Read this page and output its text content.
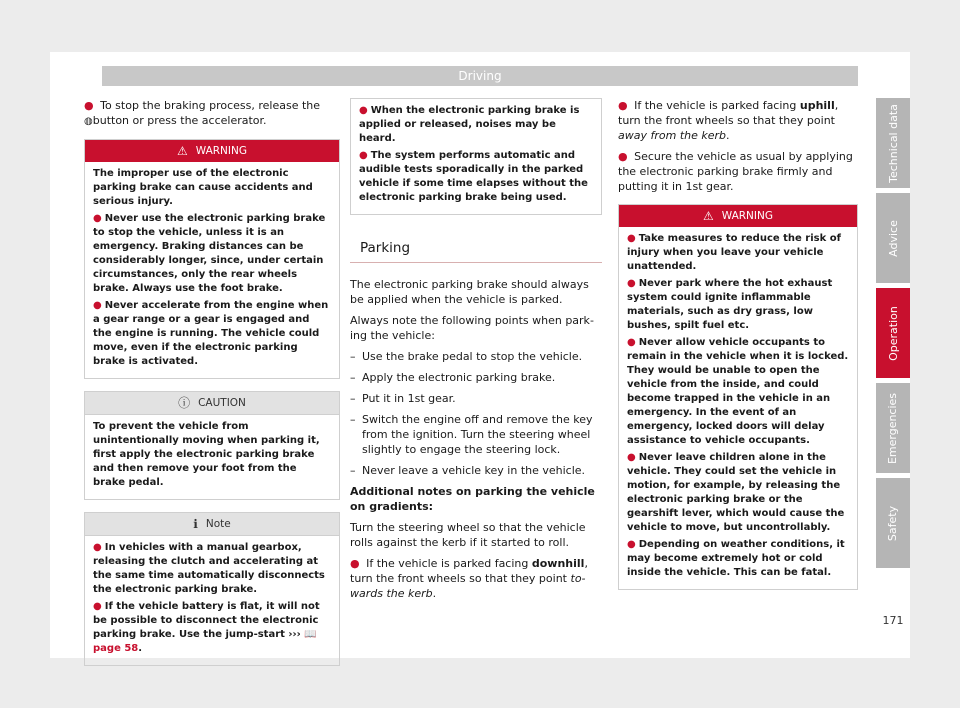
Driving

● To stop the braking process, release the
◍button or press the accelerator.

⚠ WARNING

The improper use of the electronic parking brake can cause accidents and serious injury.

● Never use the electronic parking brake to stop the vehicle, unless it is an emergency. Braking distances can be considerably longer, since, under certain circumstances, only the rear wheels brake. Always use the foot brake.

● Never accelerate from the engine when a gear range or a gear is engaged and the engine is running. The vehicle could move, even if the electronic parking brake is activated.

ⓘ CAUTION

To prevent the vehicle from unintentionally moving when parking it, first apply the electronic parking brake and then remove your foot from the brake pedal.

ℹ Note

● In vehicles with a manual gearbox, releasing the clutch and accelerating at the same time automatically disconnects the electronic parking brake.

● If the vehicle battery is flat, it will not be possible to disconnect the electronic parking brake. Use the jump-start ››› 📖 page 58.

● When the electronic parking brake is applied or released, noises may be heard.

● The system performs automatic and audible tests sporadically in the parked vehicle if some time elapses without the electronic parking brake being used.

Parking

The electronic parking brake should always be applied when the vehicle is parked.

Always note the following points when parking the vehicle:

– Use the brake pedal to stop the vehicle.
– Apply the electronic parking brake.
– Put it in 1st gear.
– Switch the engine off and remove the key from the ignition. Turn the steering wheel slightly to engage the steering lock.
– Never leave a vehicle key in the vehicle.

Additional notes on parking the vehicle on gradients:

Turn the steering wheel so that the vehicle rolls against the kerb if it started to roll.

● If the vehicle is parked facing downhill, turn the front wheels so that they point towards the kerb.

● If the vehicle is parked facing uphill, turn the front wheels so that they point away from the kerb.

● Secure the vehicle as usual by applying the electronic parking brake firmly and putting it in 1st gear.

⚠ WARNING

● Take measures to reduce the risk of injury when you leave your vehicle unattended.

● Never park where the hot exhaust system could ignite inflammable materials, such as dry grass, low bushes, spilt fuel etc.

● Never allow vehicle occupants to remain in the vehicle when it is locked. They would be unable to open the vehicle from the inside, and could become trapped in the vehicle in an emergency. In the event of an emergency, locked doors will delay assistance to vehicle occupants.

● Never leave children alone in the vehicle. They could set the vehicle in motion, for example, by releasing the electronic parking brake or the gearshift lever, which would cause the vehicle to move, but uncontrollably.

● Depending on weather conditions, it may become extremely hot or cold inside the vehicle. This can be fatal.

Technical data
Advice
Operation
Emergencies
Safety
171
